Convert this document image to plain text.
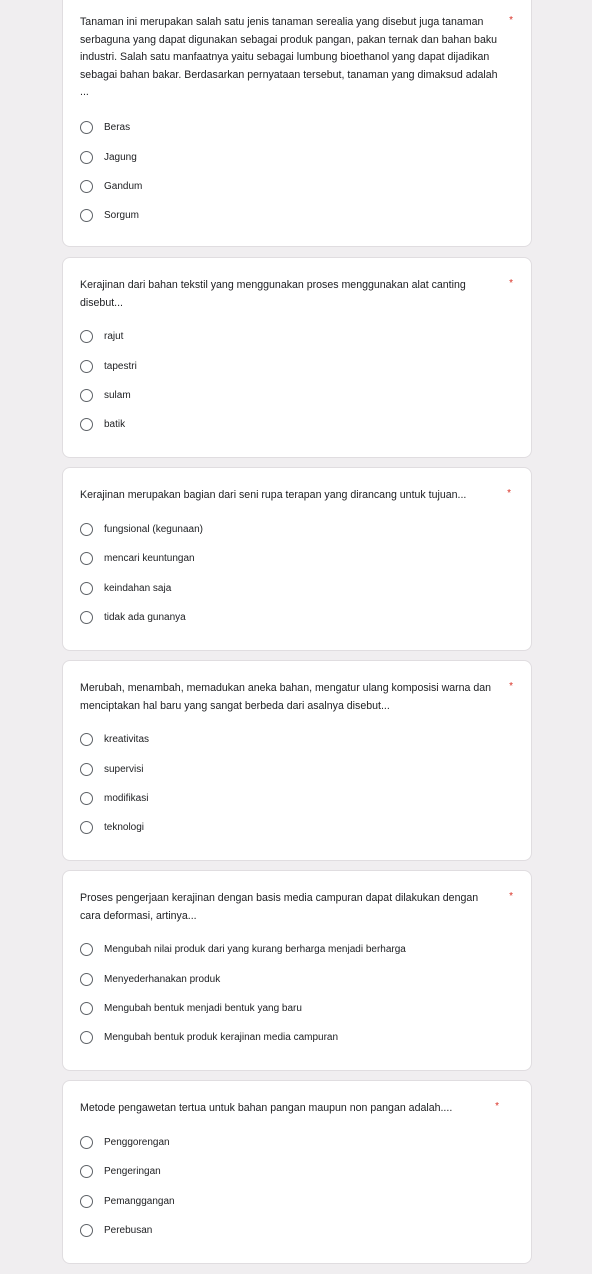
Tanaman ini merupakan salah satu jenis tanaman serealia yang disebut juga tanaman serbaguna yang dapat digunakan sebagai produk pangan, pakan ternak dan bahan baku industri. Salah satu manfaatnya yaitu sebagai lumbung bioethanol yang dapat dijadikan sebagai bahan bakar. Berdasarkan pernyataan tersebut, tanaman yang dimaksud adalah ...
*
Beras
Jagung
Gandum
Sorgum
Kerajinan dari bahan tekstil yang menggunakan proses menggunakan alat canting disebut...
*
rajut
tapestri
sulam
batik
Kerajinan merupakan bagian dari seni rupa terapan yang dirancang untuk tujuan...	*
fungsional (kegunaan)
mencari keuntungan
keindahan saja
tidak ada gunanya
Merubah, menambah, memadukan aneka bahan, mengatur ulang komposisi warna dan menciptakan hal baru yang sangat berbeda dari asalnya disebut...
*
kreativitas
supervisi
modifikasi
teknologi
Proses pengerjaan kerajinan dengan basis media campuran dapat dilakukan dengan cara deformasi, artinya...
*
Mengubah nilai produk dari yang kurang berharga menjadi berharga
Menyederhanakan produk
Mengubah bentuk menjadi bentuk yang baru
Mengubah bentuk produk kerajinan media campuran
Metode pengawetan tertua untuk bahan pangan maupun non pangan adalah....	*
Penggorengan
Pengeringan
Pemanggangan
Perebusan
